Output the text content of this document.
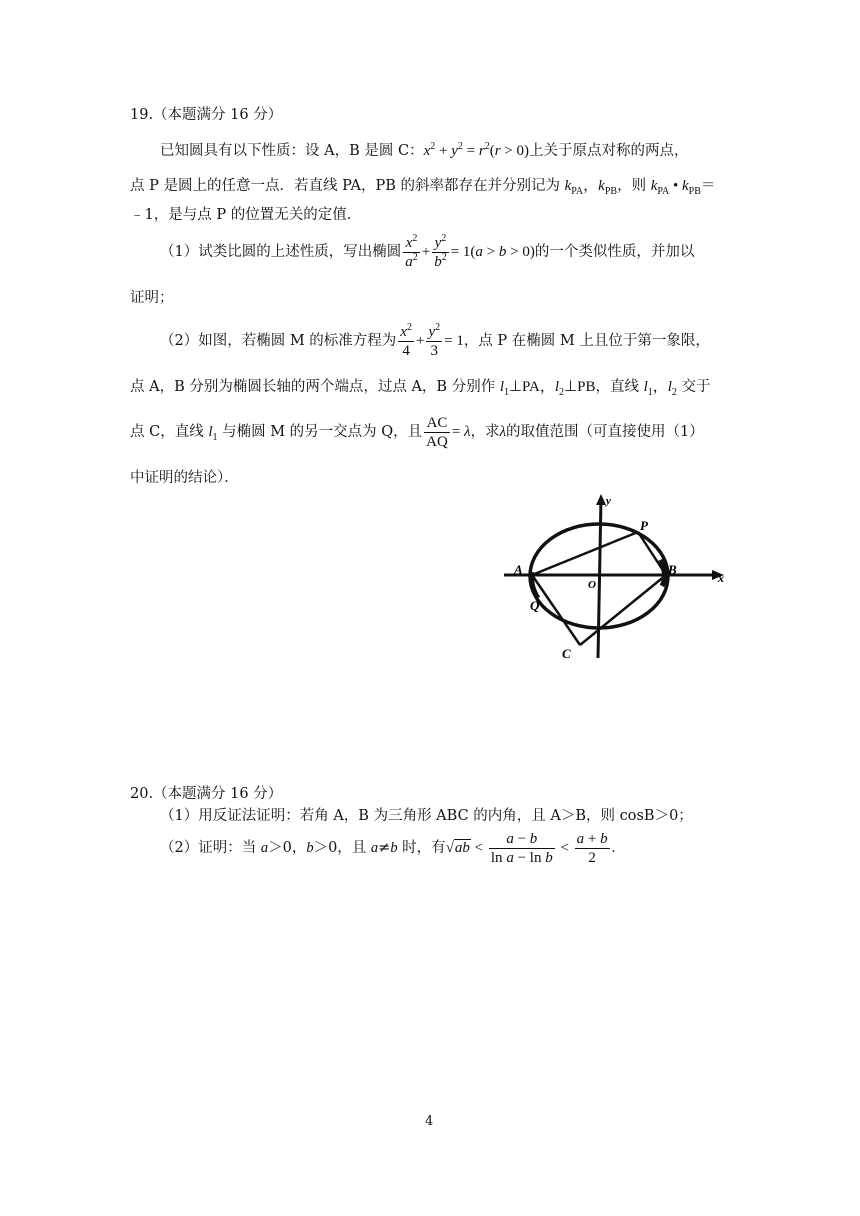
19.（本题满分 16 分）
已知圆具有以下性质：设 A，B 是圆 C：$x^2 + y^2 = r^2(r > 0)$上关于原点对称的两点，
点 P 是圆上的任意一点．若直线 PA，PB 的斜率都存在并分别记为 $k_{PA}$，$k_{PB}$，则 $k_{PA}$ • $k_{PB}=$
﹣1，是与点 P 的位置无关的定值．
（1）试类比圆的上述性质，写出椭圆 $\frac{x^2}{a^2} + \frac{y^2}{b^2} = 1(a > b > 0)$的一个类似性质，并加以
证明；
（2）如图，若椭圆 M 的标准方程为 $\frac{x^2}{4} + \frac{y^2}{3} = 1$，点 P 在椭圆 M 上且位于第一象限，
点 A，B 分别为椭圆长轴的两个端点，过点 A，B 分别作 $l_1\perp PA$，$l_2\perp PB$，直线 $l_1$，$l_2$ 交于
点 C，直线 $l_1$ 与椭圆 M 的另一交点为 Q，且 $\frac{AC}{AQ} = \lambda$，求λ的取值范围（可直接使用（1）
中证明的结论）．
y
x
A	B
O
P
Q
C
20.（本题满分 16 分）
（1）用反证法证明：若角 A，B 为三角形 ABC 的内角，且 A＞B，则 cosB＞0；
（2）证明：当 a＞0，b＞0，且 a≠b 时，有$√ab < \frac{a - b}{\text{ln a − ln b}} < \frac{a + b}{2}$ .
4
